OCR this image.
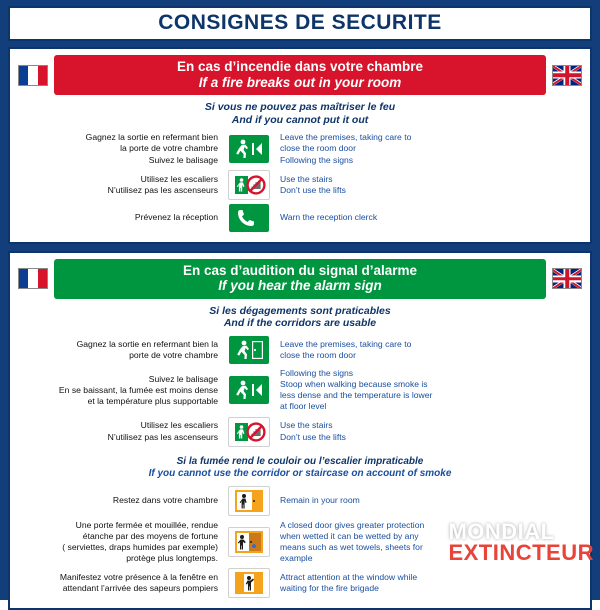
CONSIGNES DE SECURITE
En cas d’incendie dans votre chambre
If a fire breaks out in your room
Si vous ne pouvez pas maîtriser le feu
And if you cannot put it out
Gagnez la sortie en refermant bien
la porte de votre chambre
Suivez le balisage
Leave the premises, taking care to
close the room door
Following the signs
Utilisez les escaliers
N’utilisez pas les ascenseurs
Use the stairs
Don’t use the lifts
Prévenez la réception	Warn the reception clerck
En cas d’audition du signal d’alarme
If you hear the alarm sign
Si les dégagements sont praticables
And if the corridors are usable
Gagnez la sortie en refermant bien la
porte de votre chambre
Leave the premises, taking care to
close the room door
Suivez le balisage
En se baissant, la fumée est moins dense
et la température plus supportable
Following the signs
Stoop when walking because smoke is
less dense and the temperature is lower
at floor level
Utilisez les escaliers
N’utilisez pas les ascenseurs
Use the stairs
Don’t use the lifts
Si la fumée rend le couloir ou l’escalier impraticable
If you cannot use the corridor or staircase on account of smoke
Restez dans votre chambre	Remain in your room
Une porte fermée et mouillée, rendue
étanche par des moyens de fortune
( serviettes, draps humides par exemple)
protège plus longtemps.
A closed door gives greater protection
when wetted it can be wetted by any
means such as wet towels, sheets for
example
Manifestez votre présence à la fenêtre en
attendant l’arrivée des sapeurs pompiers
Attract attention at the window while
waiting for the fire brigade
MONDIAL
EXTINCTEUR
